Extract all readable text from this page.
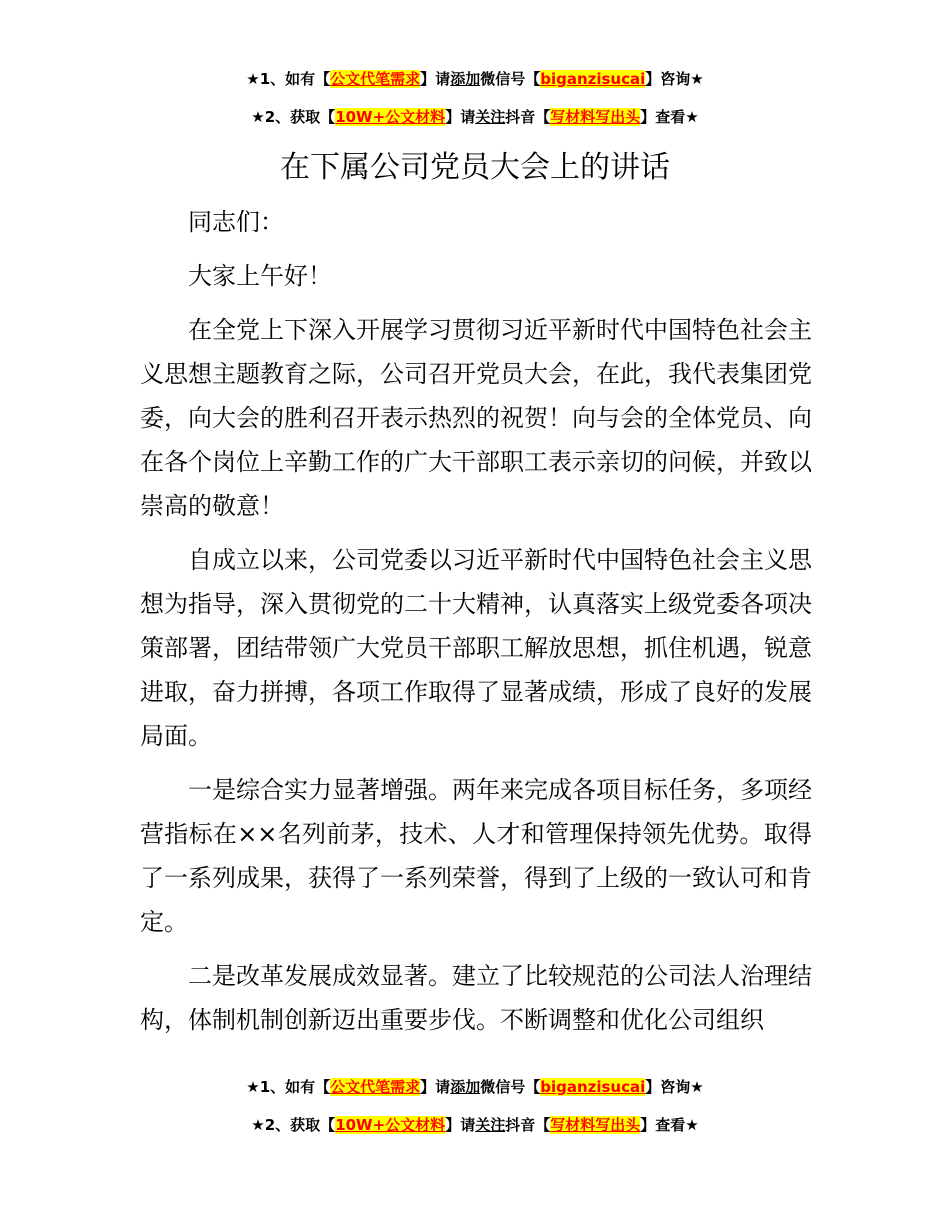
★1、如有【公文代笔需求】请添加微信号【biganzisucai】咨询★
★2、获取【10W+公文材料】请关注抖音【写材料写出头】查看★
在下属公司党员大会上的讲话

同志们：

大家上午好！

在全党上下深入开展学习贯彻习近平新时代中国特色社会主义思想主题教育之际，公司召开党员大会，在此，我代表集团党委，向大会的胜利召开表示热烈的祝贺！向与会的全体党员、向在各个岗位上辛勤工作的广大干部职工表示亲切的问候，并致以崇高的敬意！

自成立以来，公司党委以习近平新时代中国特色社会主义思想为指导，深入贯彻党的二十大精神，认真落实上级党委各项决策部署，团结带领广大党员干部职工解放思想，抓住机遇，锐意进取，奋力拼搏，各项工作取得了显著成绩，形成了良好的发展局面。

一是综合实力显著增强。两年来完成各项目标任务，多项经营指标在××名列前茅，技术、人才和管理保持领先优势。取得了一系列成果，获得了一系列荣誉，得到了上级的一致认可和肯定。

二是改革发展成效显著。建立了比较规范的公司法人治理结构，体制机制创新迈出重要步伐。不断调整和优化公司组织

★1、如有【公文代笔需求】请添加微信号【biganzisucai】咨询★
★2、获取【10W+公文材料】请关注抖音【写材料写出头】查看★
